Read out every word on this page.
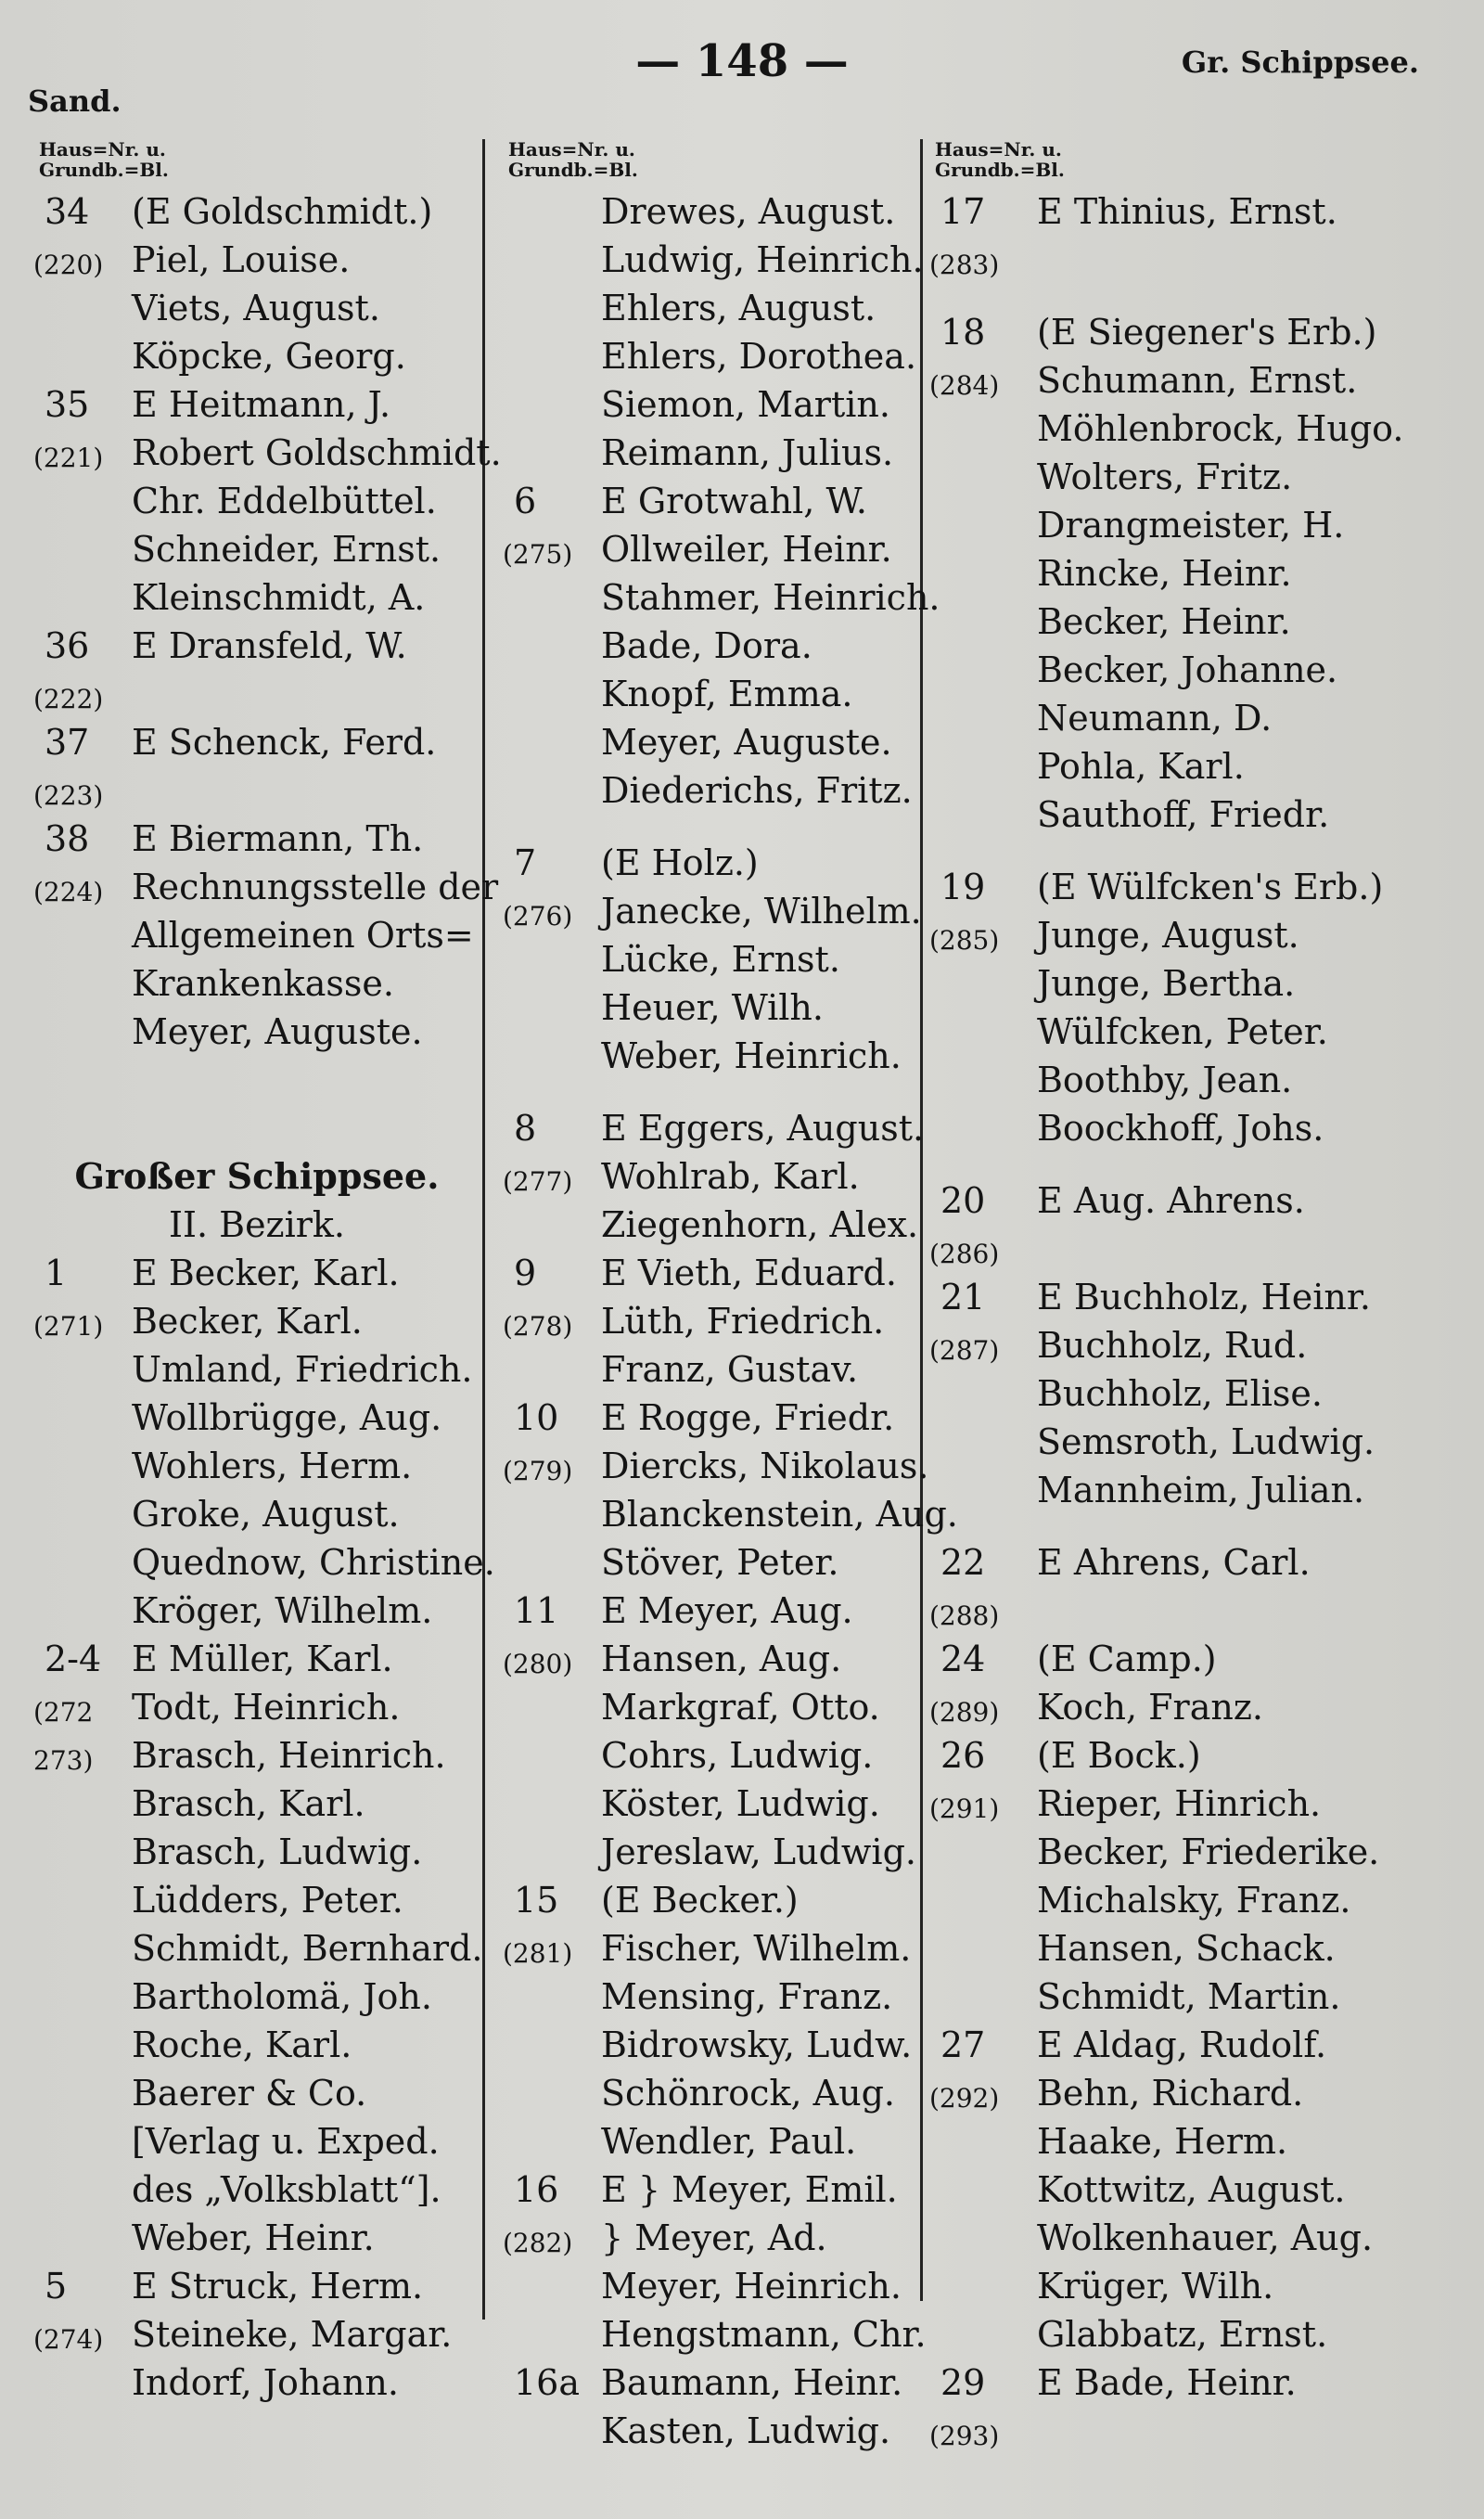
— 148 —
Sand.
Gr. Schippsee.
Haus=Nr. u.
Grundb.=Bl.
34 (E Goldschmidt.)
(220) Piel, Louise.
Viets, August.
Köpcke, Georg.
35 E Heitmann, J.
(221) Robert Goldschmidt.
Chr. Eddelbüttel.
Schneider, Ernst.
Kleinschmidt, A.
36 E Dransfeld, W.
(222)
37 E Schenck, Ferd.
(223)
38 E Biermann, Th.
(224) Rechnungsstelle der
Allgemeinen Orts=
Krankenkasse.
Meyer, Auguste.
Großer Schippsee.
II. Bezirk.
1 E Becker, Karl.
(271) Becker, Karl.
Umland, Friedrich.
Wollbrügge, Aug.
Wohlers, Herm.
Groke, August.
Quednow, Christine.
Kröger, Wilhelm.
2-4 E Müller, Karl.
(272 Todt, Heinrich.
273) Brasch, Heinrich.
Brasch, Karl.
Brasch, Ludwig.
Lüdders, Peter.
Schmidt, Bernhard.
Bartholomä, Joh.
Roche, Karl.
Baerer & Co.
[Verlag u. Exped.
des „Volksblatt“].
Weber, Heinr.
5 E Struck, Herm.
(274) Steineke, Margar.
Indorf, Johann.
Haus=Nr. u.
Grundb.=Bl.
Drewes, August.
Ludwig, Heinrich.
Ehlers, August.
Ehlers, Dorothea.
Siemon, Martin.
Reimann, Julius.
6 E Grotwahl, W.
(275) Ollweiler, Heinr.
Stahmer, Heinrich.
Bade, Dora.
Knopf, Emma.
Meyer, Auguste.
Diederichs, Fritz.
7 (E Holz.)
(276) Janecke, Wilhelm.
Lücke, Ernst.
Heuer, Wilh.
Weber, Heinrich.
8 E Eggers, August.
(277) Wohlrab, Karl.
Ziegenhorn, Alex.
9 E Vieth, Eduard.
(278) Lüth, Friedrich.
Franz, Gustav.
10 E Rogge, Friedr.
(279) Diercks, Nikolaus.
Blanckenstein, Aug.
Stöver, Peter.
11 E Meyer, Aug.
(280) Hansen, Aug.
Markgraf, Otto.
Cohrs, Ludwig.
Köster, Ludwig.
Jereslaw, Ludwig.
15 (E Becker.)
(281) Fischer, Wilhelm.
Mensing, Franz.
Bidrowsky, Ludw.
Schönrock, Aug.
Wendler, Paul.
16 E } Meyer, Emil.
(282) } Meyer, Ad.
Meyer, Heinrich.
Hengstmann, Chr.
16a Baumann, Heinr.
Kasten, Ludwig.
Haus=Nr. u.
Grundb.=Bl.
17 E Thinius, Ernst.
(283)
18 (E Siegener's Erb.)
(284) Schumann, Ernst.
Möhlenbrock, Hugo.
Wolters, Fritz.
Drangmeister, H.
Rincke, Heinr.
Becker, Heinr.
Becker, Johanne.
Neumann, D.
Pohla, Karl.
Sauthoff, Friedr.
19 (E Wülfcken's Erb.)
(285) Junge, August.
Junge, Bertha.
Wülfcken, Peter.
Boothby, Jean.
Boockhoff, Johs.
20 E Aug. Ahrens.
(286)
21 E Buchholz, Heinr.
(287) Buchholz, Rud.
Buchholz, Elise.
Semsroth, Ludwig.
Mannheim, Julian.
22 E Ahrens, Carl.
(288)
24 (E Camp.)
(289) Koch, Franz.
26 (E Bock.)
(291) Rieper, Hinrich.
Becker, Friederike.
Michalsky, Franz.
Hansen, Schack.
Schmidt, Martin.
27 E Aldag, Rudolf.
(292) Behn, Richard.
Haake, Herm.
Kottwitz, August.
Wolkenhauer, Aug.
Krüger, Wilh.
Glabbatz, Ernst.
29 E Bade, Heinr.
(293)
